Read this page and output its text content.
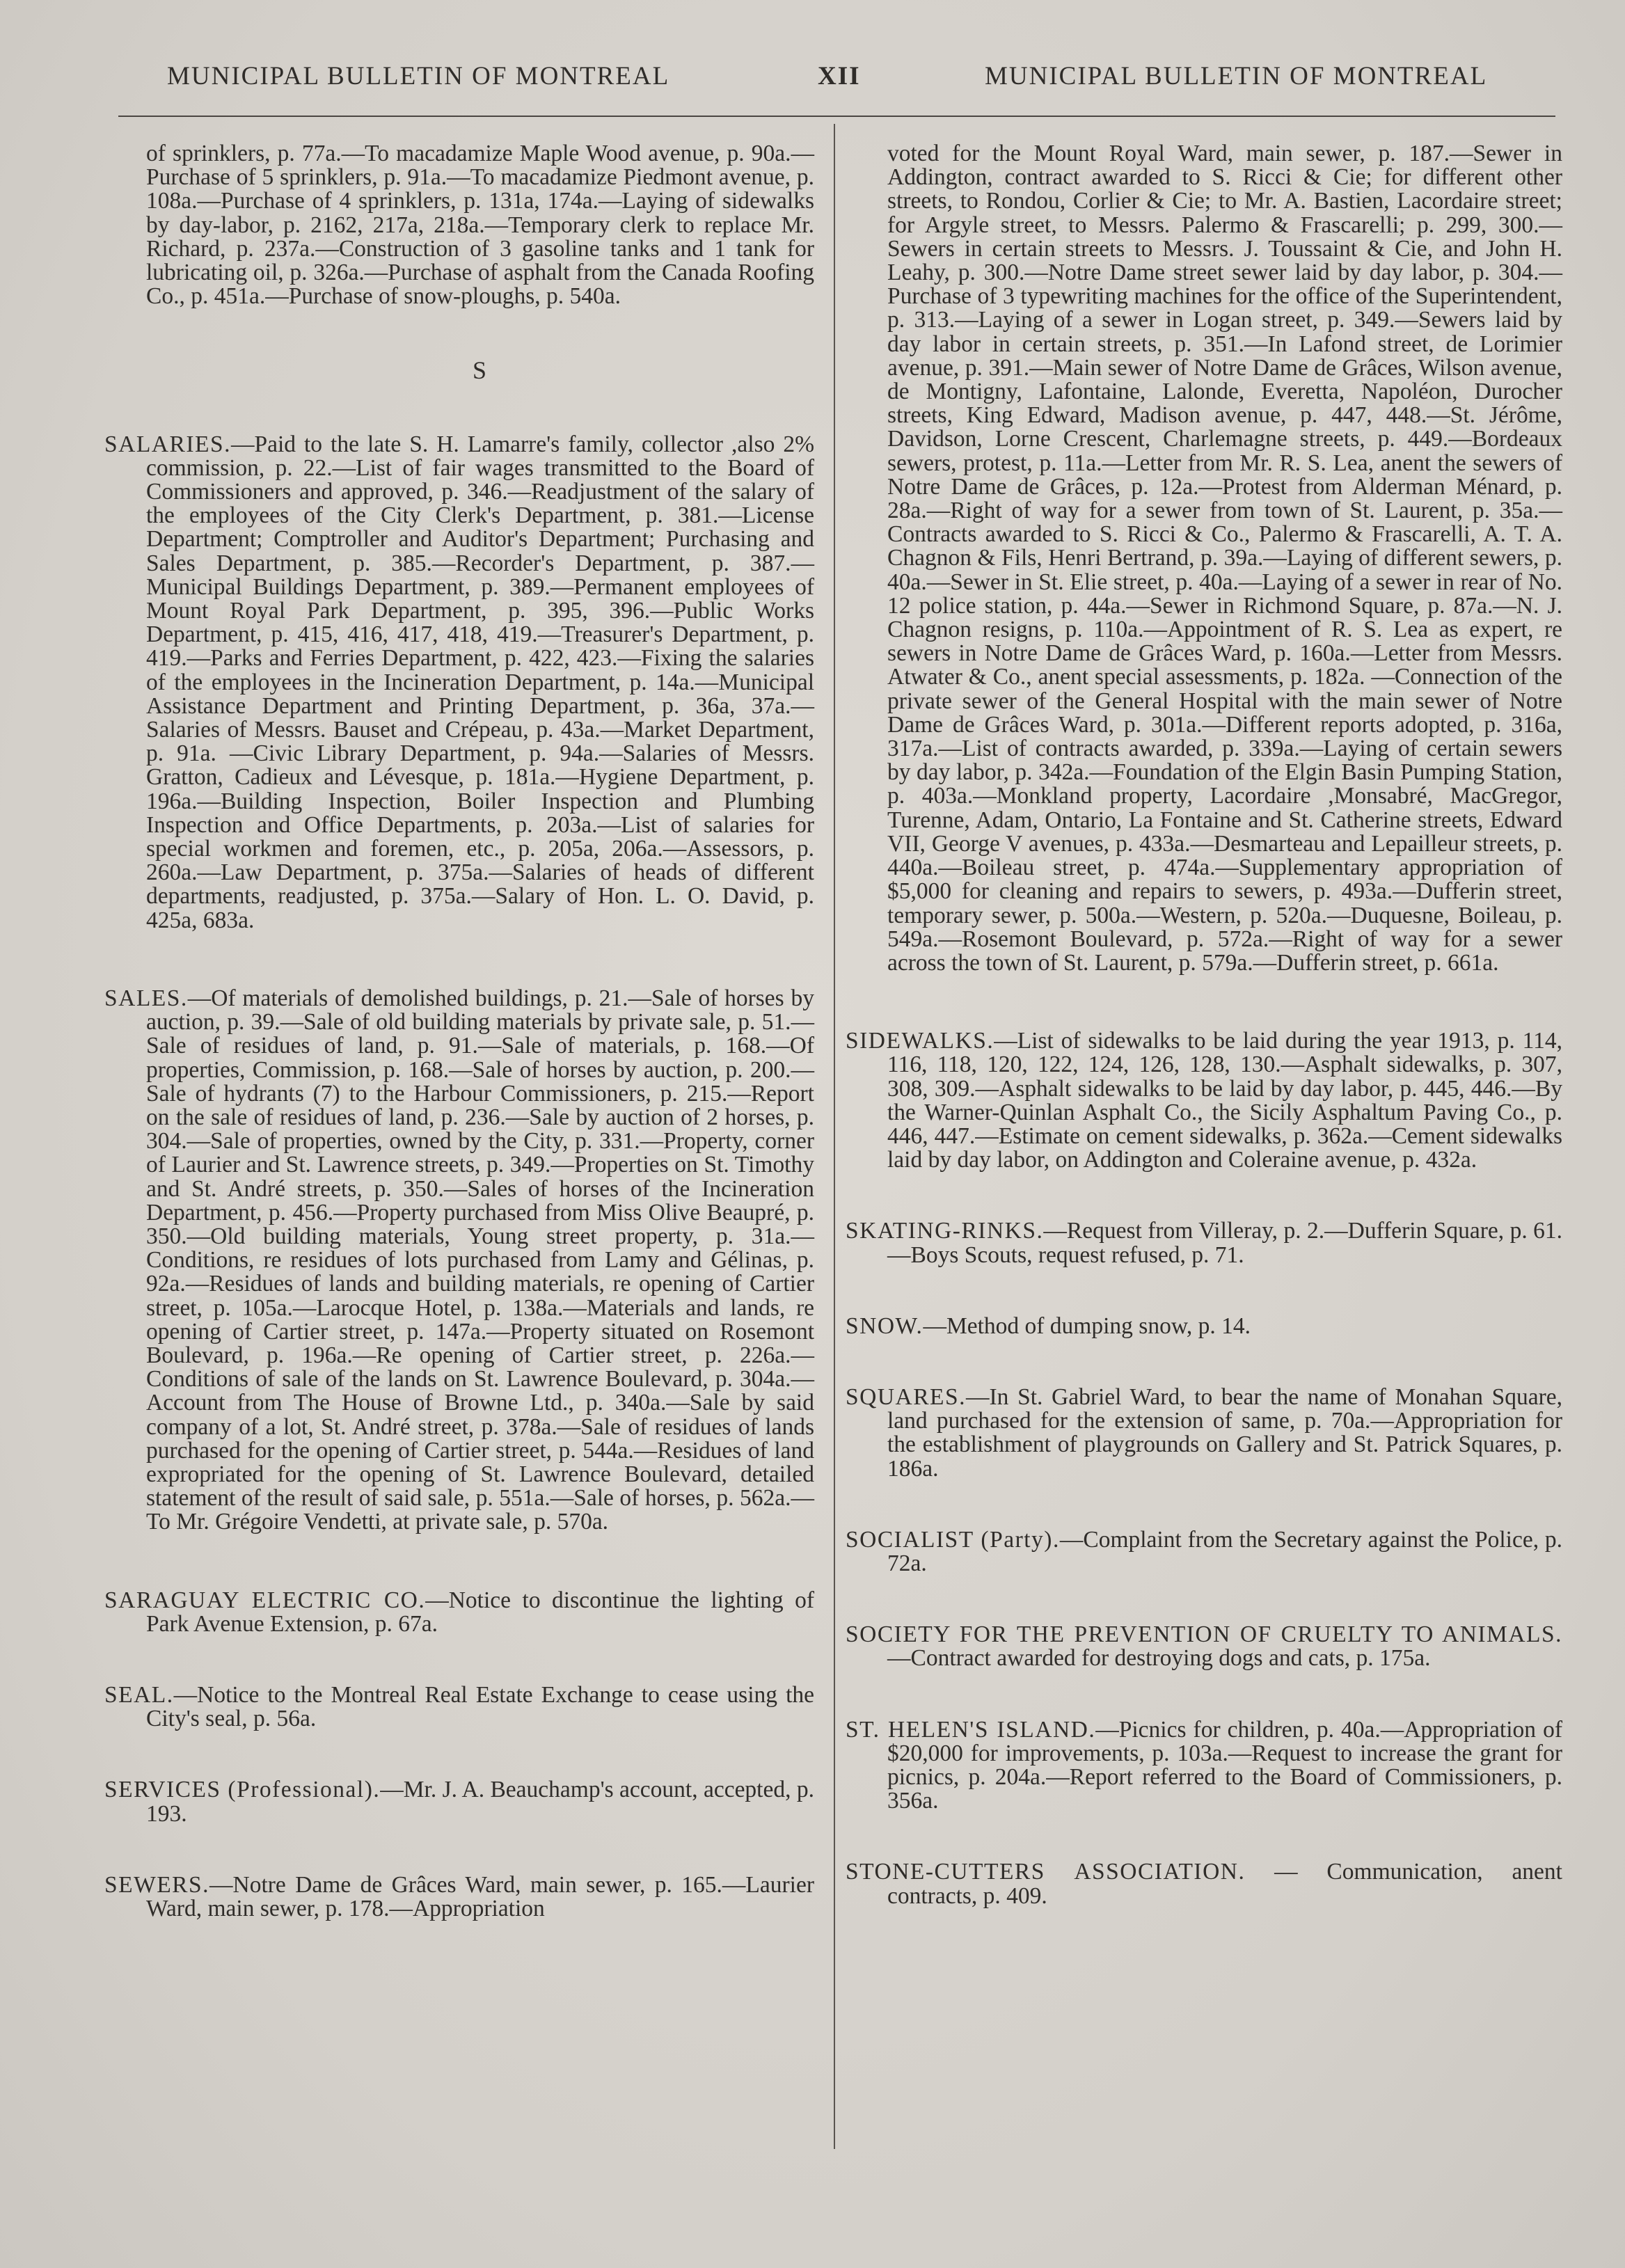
MUNICIPAL BULLETIN OF MONTREAL	XII	MUNICIPAL BULLETIN OF MONTREAL

of sprinklers, p. 77a.—To macadamize Maple Wood avenue, p. 90a.—Purchase of 5 sprinklers, p. 91a.—To macadamize Piedmont avenue, p. 108a.—Purchase of 4 sprinklers, p. 131a, 174a.—Laying of sidewalks by day-labor, p. 2162, 217a, 218a.—Temporary clerk to replace Mr. Richard, p. 237a.—Construction of 3 gasoline tanks and 1 tank for lubricating oil, p. 326a.—Purchase of asphalt from the Canada Roofing Co., p. 451a.—Purchase of snow-ploughs, p. 540a.

S

SALARIES.—Paid to the late S. H. Lamarre's family, collector ,also 2% commission, p. 22.—List of fair wages transmitted to the Board of Commissioners and approved, p. 346.—Readjustment of the salary of the employees of the City Clerk's Department, p. 381.—License Department; Comptroller and Auditor's Department; Purchasing and Sales Department, p. 385.—Recorder's Department, p. 387.—Municipal Buildings Department, p. 389.—Permanent employees of Mount Royal Park Department, p. 395, 396.—Public Works Department, p. 415, 416, 417, 418, 419.—Treasurer's Department, p. 419.—Parks and Ferries Department, p. 422, 423.—Fixing the salaries of the employees in the Incineration Department, p. 14a.—Municipal Assistance Department and Printing Department, p. 36a, 37a.—Salaries of Messrs. Bauset and Crépeau, p. 43a.—Market Department, p. 91a. —Civic Library Department, p. 94a.—Salaries of Messrs. Gratton, Cadieux and Lévesque, p. 181a.—Hygiene Department, p. 196a.—Building Inspection, Boiler Inspection and Plumbing Inspection and Office Departments, p. 203a.—List of salaries for special workmen and foremen, etc., p. 205a, 206a.—Assessors, p. 260a.—Law Department, p. 375a.—Salaries of heads of different departments, readjusted, p. 375a.—Salary of Hon. L. O. David, p. 425a, 683a.

SALES.—Of materials of demolished buildings, p. 21.—Sale of horses by auction, p. 39.—Sale of old building materials by private sale, p. 51.—Sale of residues of land, p. 91.—Sale of materials, p. 168.—Of properties, Commission, p. 168.—Sale of horses by auction, p. 200.—Sale of hydrants (7) to the Harbour Commissioners, p. 215.—Report on the sale of residues of land, p. 236.—Sale by auction of 2 horses, p. 304.—Sale of properties, owned by the City, p. 331.—Property, corner of Laurier and St. Lawrence streets, p. 349.—Properties on St. Timothy and St. André streets, p. 350.—Sales of horses of the Incineration Department, p. 456.—Property purchased from Miss Olive Beaupré, p. 350.—Old building materials, Young street property, p. 31a.—Conditions, re residues of lots purchased from Lamy and Gélinas, p. 92a.—Residues of lands and building materials, re opening of Cartier street, p. 105a.—Larocque Hotel, p. 138a.—Materials and lands, re opening of Cartier street, p. 147a.—Property situated on Rosemont Boulevard, p. 196a.—Re opening of Cartier street, p. 226a.—Conditions of sale of the lands on St. Lawrence Boulevard, p. 304a.—Account from The House of Browne Ltd., p. 340a.—Sale by said company of a lot, St. André street, p. 378a.—Sale of residues of lands purchased for the opening of Cartier street, p. 544a.—Residues of land expropriated for the opening of St. Lawrence Boulevard, detailed statement of the result of said sale, p. 551a.—Sale of horses, p. 562a.—To Mr. Grégoire Vendetti, at private sale, p. 570a.

SARAGUAY ELECTRIC CO.—Notice to discontinue the lighting of Park Avenue Extension, p. 67a.

SEAL.—Notice to the Montreal Real Estate Exchange to cease using the City's seal, p. 56a.

SERVICES (Professional).—Mr. J. A. Beauchamp's account, accepted, p. 193.

SEWERS.—Notre Dame de Grâces Ward, main sewer, p. 165.—Laurier Ward, main sewer, p. 178.—Appropriation

voted for the Mount Royal Ward, main sewer, p. 187.—Sewer in Addington, contract awarded to S. Ricci & Cie; for different other streets, to Rondou, Corlier & Cie; to Mr. A. Bastien, Lacordaire street; for Argyle street, to Messrs. Palermo & Frascarelli; p. 299, 300.—Sewers in certain streets to Messrs. J. Toussaint & Cie, and John H. Leahy, p. 300.—Notre Dame street sewer laid by day labor, p. 304.—Purchase of 3 typewriting machines for the office of the Superintendent, p. 313.—Laying of a sewer in Logan street, p. 349.—Sewers laid by day labor in certain streets, p. 351.—In Lafond street, de Lorimier avenue, p. 391.—Main sewer of Notre Dame de Grâces, Wilson avenue, de Montigny, Lafontaine, Lalonde, Everetta, Napoléon, Durocher streets, King Edward, Madison avenue, p. 447, 448.—St. Jérôme, Davidson, Lorne Crescent, Charlemagne streets, p. 449.—Bordeaux sewers, protest, p. 11a.—Letter from Mr. R. S. Lea, anent the sewers of Notre Dame de Grâces, p. 12a.—Protest from Alderman Ménard, p. 28a.—Right of way for a sewer from town of St. Laurent, p. 35a.—Contracts awarded to S. Ricci & Co., Palermo & Frascarelli, A. T. A. Chagnon & Fils, Henri Bertrand, p. 39a.—Laying of different sewers, p. 40a.—Sewer in St. Elie street, p. 40a.—Laying of a sewer in rear of No. 12 police station, p. 44a.—Sewer in Richmond Square, p. 87a.—N. J. Chagnon resigns, p. 110a.—Appointment of R. S. Lea as expert, re sewers in Notre Dame de Grâces Ward, p. 160a.—Letter from Messrs. Atwater & Co., anent special assessments, p. 182a. —Connection of the private sewer of the General Hospital with the main sewer of Notre Dame de Grâces Ward, p. 301a.—Different reports adopted, p. 316a, 317a.—List of contracts awarded, p. 339a.—Laying of certain sewers by day labor, p. 342a.—Foundation of the Elgin Basin Pumping Station, p. 403a.—Monkland property, Lacordaire ,Monsabré, MacGregor, Turenne, Adam, Ontario, La Fontaine and St. Catherine streets, Edward VII, George V avenues, p. 433a.—Desmarteau and Lepailleur streets, p. 440a.—Boileau street, p. 474a.—Supplementary appropriation of $5,000 for cleaning and repairs to sewers, p. 493a.—Dufferin street, temporary sewer, p. 500a.—Western, p. 520a.—Duquesne, Boileau, p. 549a.—Rosemont Boulevard, p. 572a.—Right of way for a sewer across the town of St. Laurent, p. 579a.—Dufferin street, p. 661a.

SIDEWALKS.—List of sidewalks to be laid during the year 1913, p. 114, 116, 118, 120, 122, 124, 126, 128, 130.—Asphalt sidewalks, p. 307, 308, 309.—Asphalt sidewalks to be laid by day labor, p. 445, 446.—By the Warner-Quinlan Asphalt Co., the Sicily Asphaltum Paving Co., p. 446, 447.—Estimate on cement sidewalks, p. 362a.—Cement sidewalks laid by day labor, on Addington and Coleraine avenue, p. 432a.

SKATING-RINKS.—Request from Villeray, p. 2.—Dufferin Square, p. 61.—Boys Scouts, request refused, p. 71.

SNOW.—Method of dumping snow, p. 14.

SQUARES.—In St. Gabriel Ward, to bear the name of Monahan Square, land purchased for the extension of same, p. 70a.—Appropriation for the establishment of playgrounds on Gallery and St. Patrick Squares, p. 186a.

SOCIALIST (Party).—Complaint from the Secretary against the Police, p. 72a.

SOCIETY FOR THE PREVENTION OF CRUELTY TO ANIMALS.—Contract awarded for destroying dogs and cats, p. 175a.

ST. HELEN'S ISLAND.—Picnics for children, p. 40a.—Appropriation of $20,000 for improvements, p. 103a.—Request to increase the grant for picnics, p. 204a.—Report referred to the Board of Commissioners, p. 356a.

STONE-CUTTERS ASSOCIATION. — Communication, anent contracts, p. 409.
